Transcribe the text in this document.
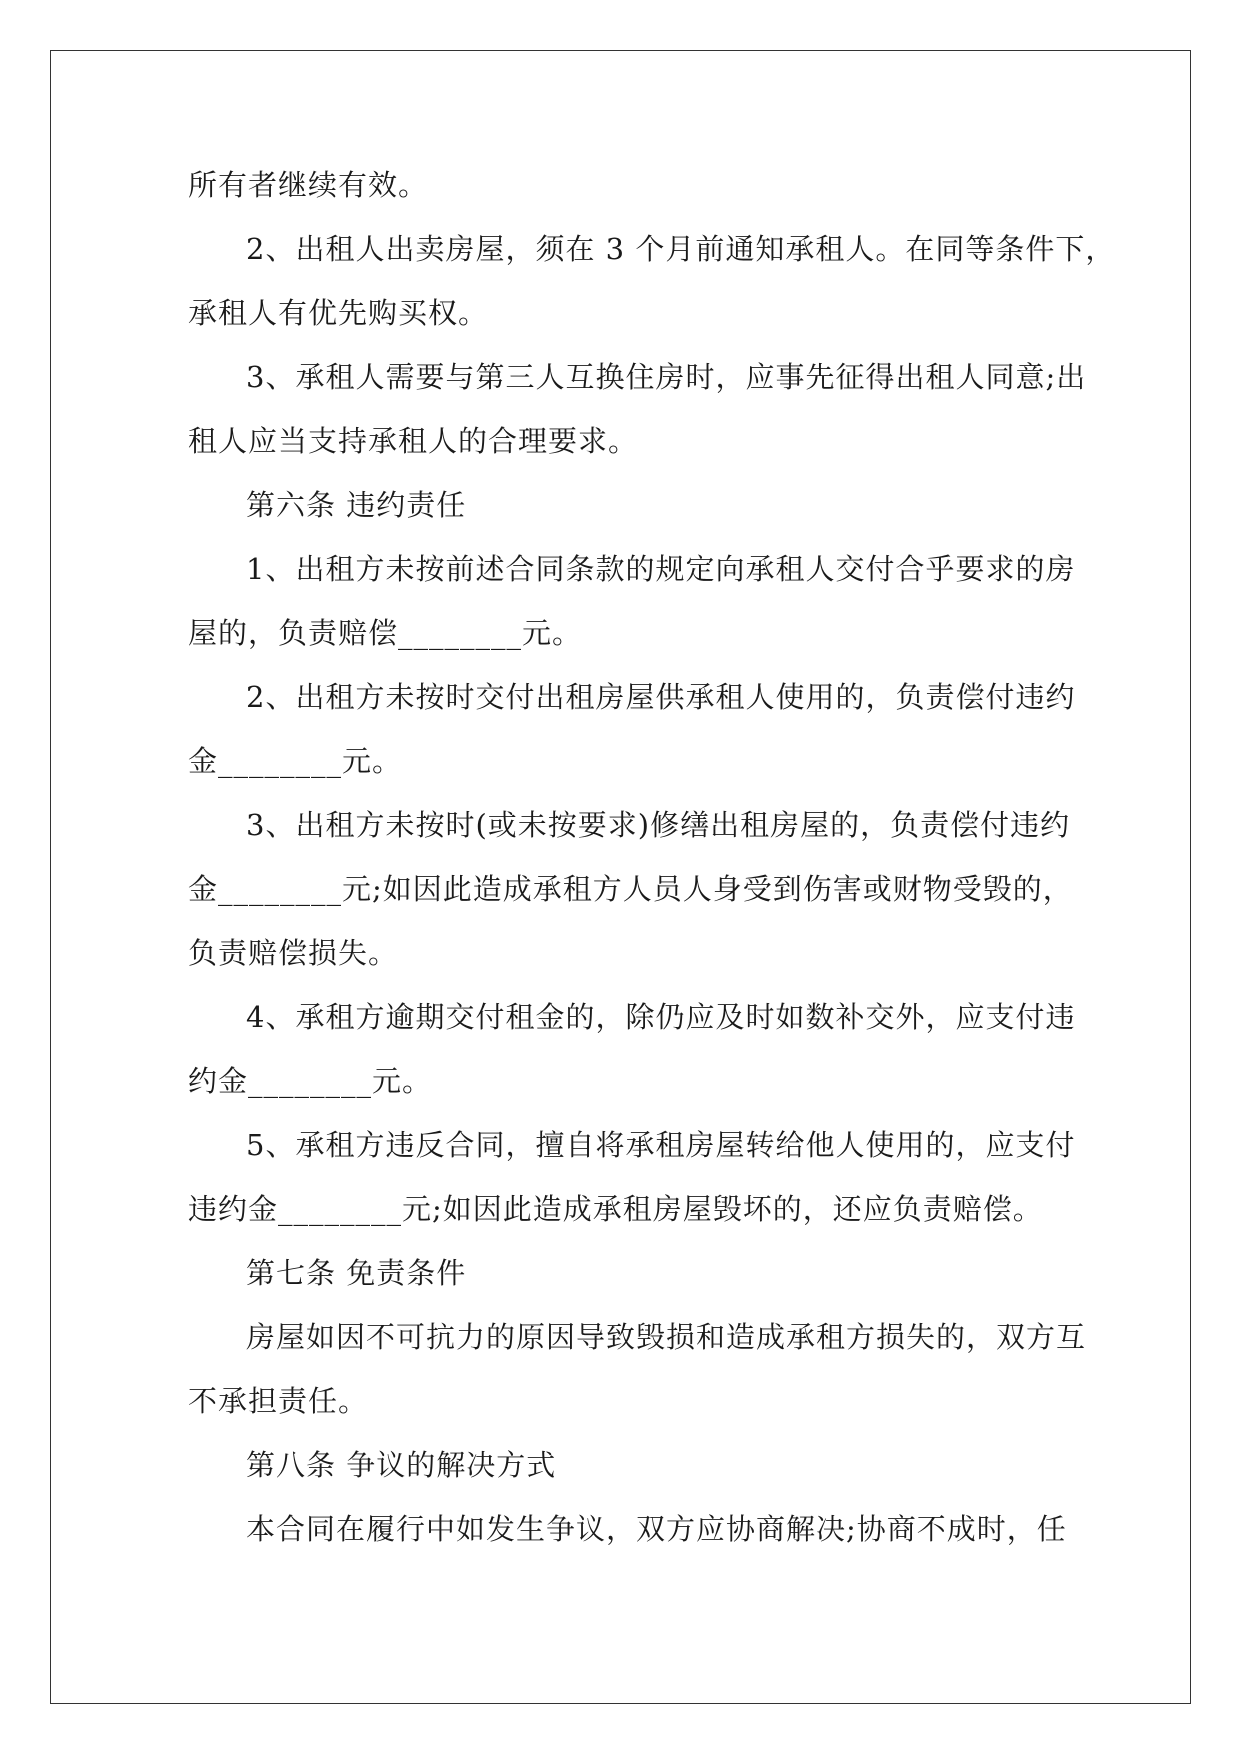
所有者继续有效。
2、出租人出卖房屋，须在 3 个月前通知承租人。在同等条件下，
承租人有优先购买权。
3、承租人需要与第三人互换住房时，应事先征得出租人同意;出
租人应当支持承租人的合理要求。
第六条 违约责任
1、出租方未按前述合同条款的规定向承租人交付合乎要求的房
屋的，负责赔偿________元。
2、出租方未按时交付出租房屋供承租人使用的，负责偿付违约
金________元。
3、出租方未按时(或未按要求)修缮出租房屋的，负责偿付违约
金________元;如因此造成承租方人员人身受到伤害或财物受毁的，
负责赔偿损失。
4、承租方逾期交付租金的，除仍应及时如数补交外，应支付违
约金________元。
5、承租方违反合同，擅自将承租房屋转给他人使用的，应支付
违约金________元;如因此造成承租房屋毁坏的，还应负责赔偿。
第七条 免责条件
房屋如因不可抗力的原因导致毁损和造成承租方损失的，双方互
不承担责任。
第八条 争议的解决方式
本合同在履行中如发生争议，双方应协商解决;协商不成时，任
